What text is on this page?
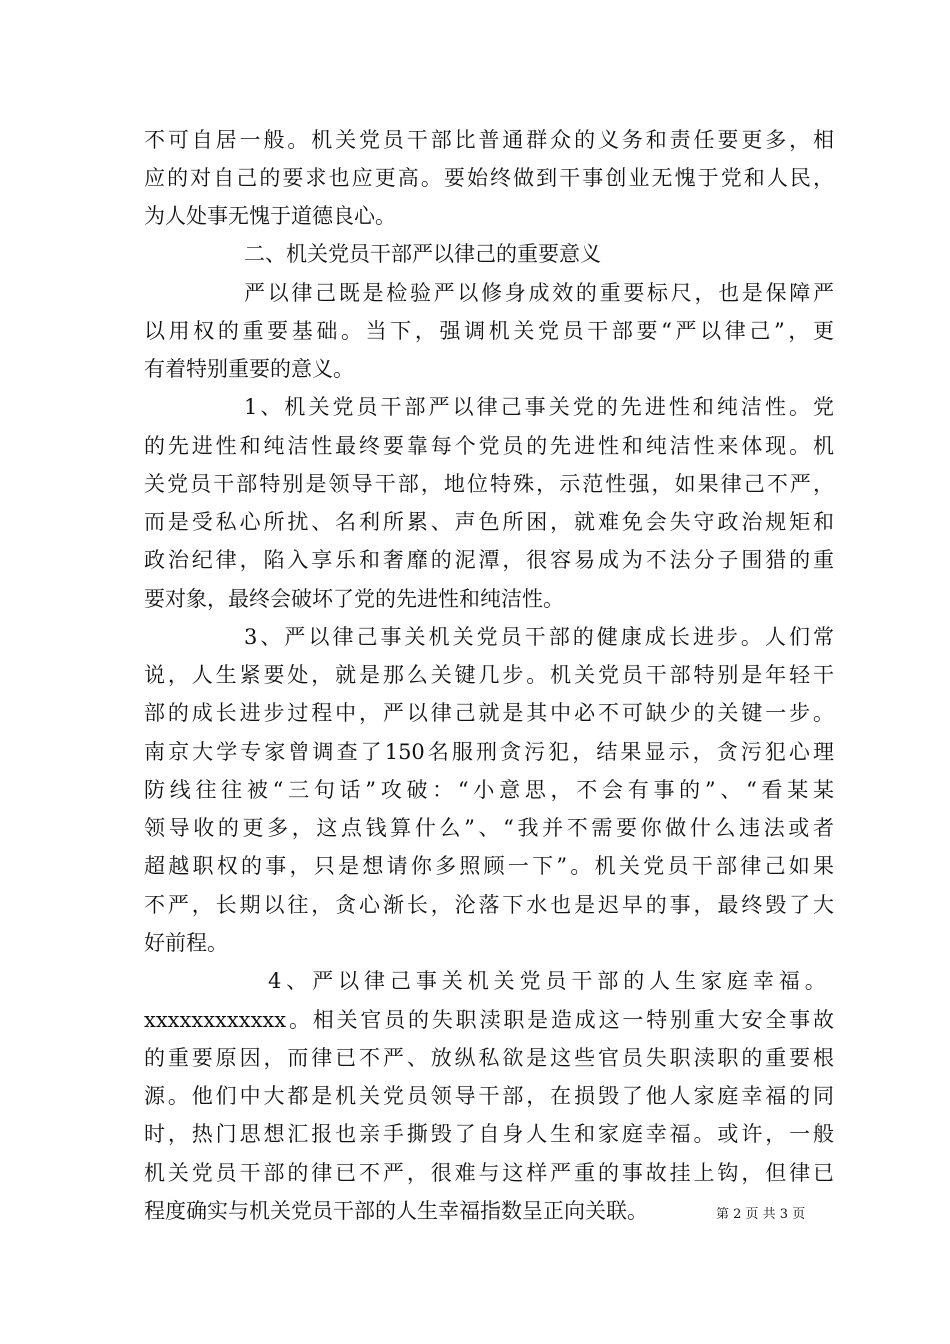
不可自居一般。机关党员干部比普通群众的义务和责任要更多，相
应的对自己的要求也应更高。要始终做到干事创业无愧于党和人民，
为人处事无愧于道德良心。
二、机关党员干部严以律己的重要意义
严以律己既是检验严以修身成效的重要标尺，也是保障严
以用权的重要基础。当下，强调机关党员干部要“严以律己”，更
有着特别重要的意义。
1、机关党员干部严以律己事关党的先进性和纯洁性。党
的先进性和纯洁性最终要靠每个党员的先进性和纯洁性来体现。机
关党员干部特别是领导干部，地位特殊，示范性强，如果律己不严，
而是受私心所扰、名利所累、声色所困，就难免会失守政治规矩和
政治纪律，陷入享乐和奢靡的泥潭，很容易成为不法分子围猎的重
要对象，最终会破坏了党的先进性和纯洁性。
3、严以律己事关机关党员干部的健康成长进步。人们常
说，人生紧要处，就是那么关键几步。机关党员干部特别是年轻干
部的成长进步过程中，严以律己就是其中必不可缺少的关键一步。
南京大学专家曾调查了150名服刑贪污犯，结果显示，贪污犯心理
防线往往被“三句话”攻破：“小意思，不会有事的”、“看某某
领导收的更多，这点钱算什么”、“我并不需要你做什么违法或者
超越职权的事，只是想请你多照顾一下”。机关党员干部律己如果
不严，长期以往，贪心渐长，沦落下水也是迟早的事，最终毁了大
好前程。
4、严以律己事关机关党员干部的人生家庭幸福。
xxxxxxxxxxxx。相关官员的失职渎职是造成这一特别重大安全事故
的重要原因，而律已不严、放纵私欲是这些官员失职渎职的重要根
源。他们中大都是机关党员领导干部，在损毁了他人家庭幸福的同
时，热门思想汇报也亲手撕毁了自身人生和家庭幸福。或许，一般
机关党员干部的律已不严，很难与这样严重的事故挂上钩，但律已
程度确实与机关党员干部的人生幸福指数呈正向关联。	第 2 页 共 3 页
